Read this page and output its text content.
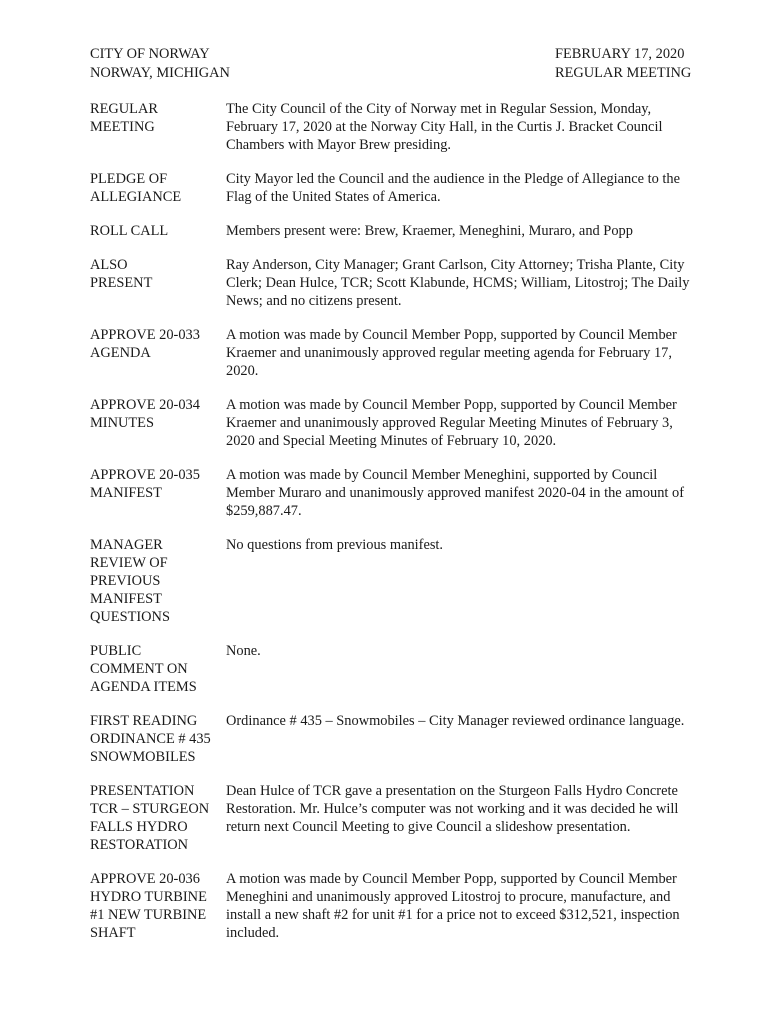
CITY OF NORWAY
NORWAY, MICHIGAN
FEBRUARY 17, 2020
REGULAR MEETING
REGULAR
MEETING
The City Council of the City of Norway met in Regular Session, Monday,
February 17, 2020 at the Norway City Hall, in the Curtis J. Bracket Council
Chambers with Mayor Brew presiding.
PLEDGE OF
ALLEGIANCE
City Mayor led the Council and the audience in the Pledge of Allegiance to the
Flag of the United States of America.
ROLL CALL	Members present were: Brew, Kraemer, Meneghini, Muraro, and Popp
ALSO
PRESENT
Ray Anderson, City Manager; Grant Carlson, City Attorney; Trisha Plante, City
Clerk; Dean Hulce, TCR; Scott Klabunde, HCMS; William, Litostroj; The Daily
News; and no citizens present.
APPROVE 20-033
AGENDA
A motion was made by Council Member Popp, supported by Council Member
Kraemer and unanimously approved regular meeting agenda for February 17,
2020.
APPROVE 20-034
MINUTES
A motion was made by Council Member Popp, supported by Council Member
Kraemer and unanimously approved Regular Meeting Minutes of February 3,
2020 and Special Meeting Minutes of February 10, 2020.
APPROVE 20-035
MANIFEST
A motion was made by Council Member Meneghini, supported by Council
Member Muraro and unanimously approved manifest 2020-04 in the amount of
$259,887.47.
MANAGER
REVIEW OF
PREVIOUS
MANIFEST
QUESTIONS
No questions from previous manifest.
PUBLIC
COMMENT ON
AGENDA ITEMS
None.
FIRST READING
ORDINANCE # 435
SNOWMOBILES
Ordinance # 435 – Snowmobiles – City Manager reviewed ordinance language.
PRESENTATION
TCR – STURGEON
FALLS HYDRO
RESTORATION
Dean Hulce of TCR gave a presentation on the Sturgeon Falls Hydro Concrete
Restoration. Mr. Hulce’s computer was not working and it was decided he will
return next Council Meeting to give Council a slideshow presentation.
APPROVE 20-036
HYDRO TURBINE
#1 NEW TURBINE
SHAFT
A motion was made by Council Member Popp, supported by Council Member
Meneghini and unanimously approved Litostroj to procure, manufacture, and
install a new shaft #2 for unit #1 for a price not to exceed $312,521, inspection
included.
